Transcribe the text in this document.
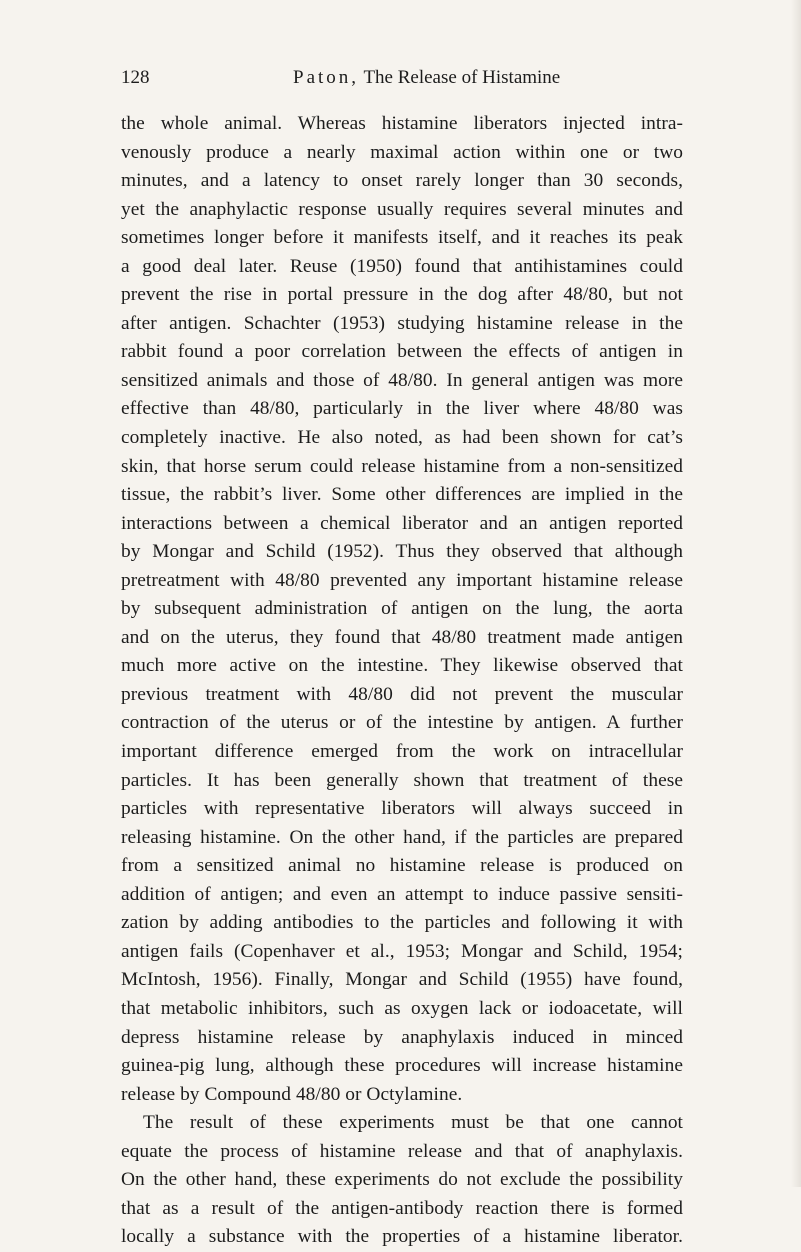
128	Paton, The Release of Histamine
the whole animal. Whereas histamine liberators injected intra-
venously produce a nearly maximal action within one or two
minutes, and a latency to onset rarely longer than 30 seconds,
yet the anaphylactic response usually requires several minutes and
sometimes longer before it manifests itself, and it reaches its peak
a good deal later. Reuse (1950) found that antihistamines could
prevent the rise in portal pressure in the dog after 48/80, but not
after antigen. Schachter (1953) studying histamine release in the
rabbit found a poor correlation between the effects of antigen in
sensitized animals and those of 48/80. In general antigen was more
effective than 48/80, particularly in the liver where 48/80 was
completely inactive. He also noted, as had been shown for cat’s
skin, that horse serum could release histamine from a non-sensitized
tissue, the rabbit’s liver. Some other differences are implied in the
interactions between a chemical liberator and an antigen reported
by Mongar and Schild (1952). Thus they observed that although
pretreatment with 48/80 prevented any important histamine release
by subsequent administration of antigen on the lung, the aorta
and on the uterus, they found that 48/80 treatment made antigen
much more active on the intestine. They likewise observed that
previous treatment with 48/80 did not prevent the muscular
contraction of the uterus or of the intestine by antigen. A further
important difference emerged from the work on intracellular
particles. It has been generally shown that treatment of these
particles with representative liberators will always succeed in
releasing histamine. On the other hand, if the particles are prepared
from a sensitized animal no histamine release is produced on
addition of antigen; and even an attempt to induce passive sensiti-
zation by adding antibodies to the particles and following it with
antigen fails (Copenhaver et al., 1953; Mongar and Schild, 1954;
McIntosh, 1956). Finally, Mongar and Schild (1955) have found,
that metabolic inhibitors, such as oxygen lack or iodoacetate, will
depress histamine release by anaphylaxis induced in minced
guinea-pig lung, although these procedures will increase histamine
release by Compound 48/80 or Octylamine.
The result of these experiments must be that one cannot
equate the process of histamine release and that of anaphylaxis.
On the other hand, these experiments do not exclude the possibility
that as a result of the antigen-antibody reaction there is formed
locally a substance with the properties of a histamine liberator.
